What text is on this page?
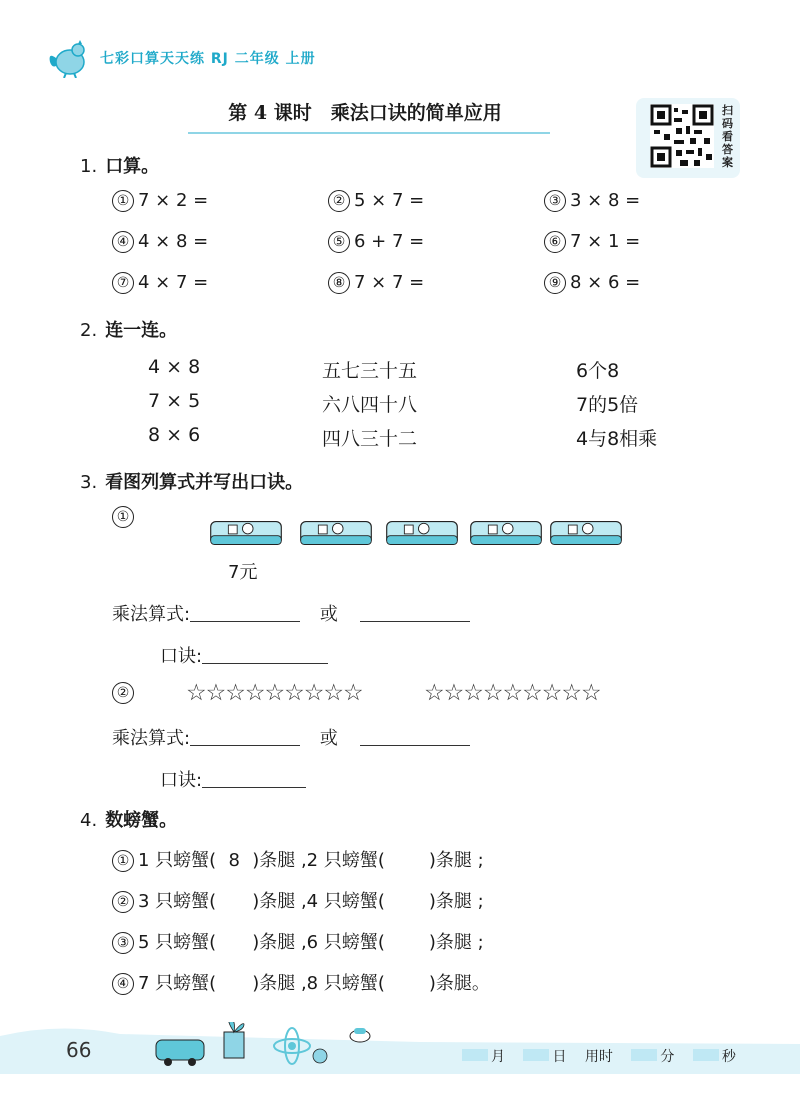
七彩口算天天练 RJ 二年级 上册
第 4 课时　乘法口诀的简单应用	扫码看答案
1. 口算。
① 7 × 2 =	② 5 × 7 =	③ 3 × 8 =
④ 4 × 8 =	⑤ 6 + 7 =	⑥ 7 × 1 =
⑦ 4 × 7 =	⑧ 7 × 7 =	⑨ 8 × 6 =
2. 连一连。
4 × 8
7 × 5
8 × 6
五七三十五
六八四十八
四八三十二
6个8
7的5倍
4与8相乘
3. 看图列算式并写出口诀。
①
7元
乘法算式:	或
口诀:
②	☆☆☆☆☆☆☆☆☆	☆☆☆☆☆☆☆☆☆
乘法算式:	或
口诀:
4. 数螃蟹。
① 1 只螃蟹( 8 )条腿 ,2 只螃蟹( )条腿 ;
② 3 只螃蟹( )条腿 ,4 只螃蟹( )条腿 ;
③ 5 只螃蟹( )条腿 ,6 只螃蟹( )条腿 ;
④ 7 只螃蟹( )条腿 ,8 只螃蟹( )条腿。
66	月	日 用时	分	秒
